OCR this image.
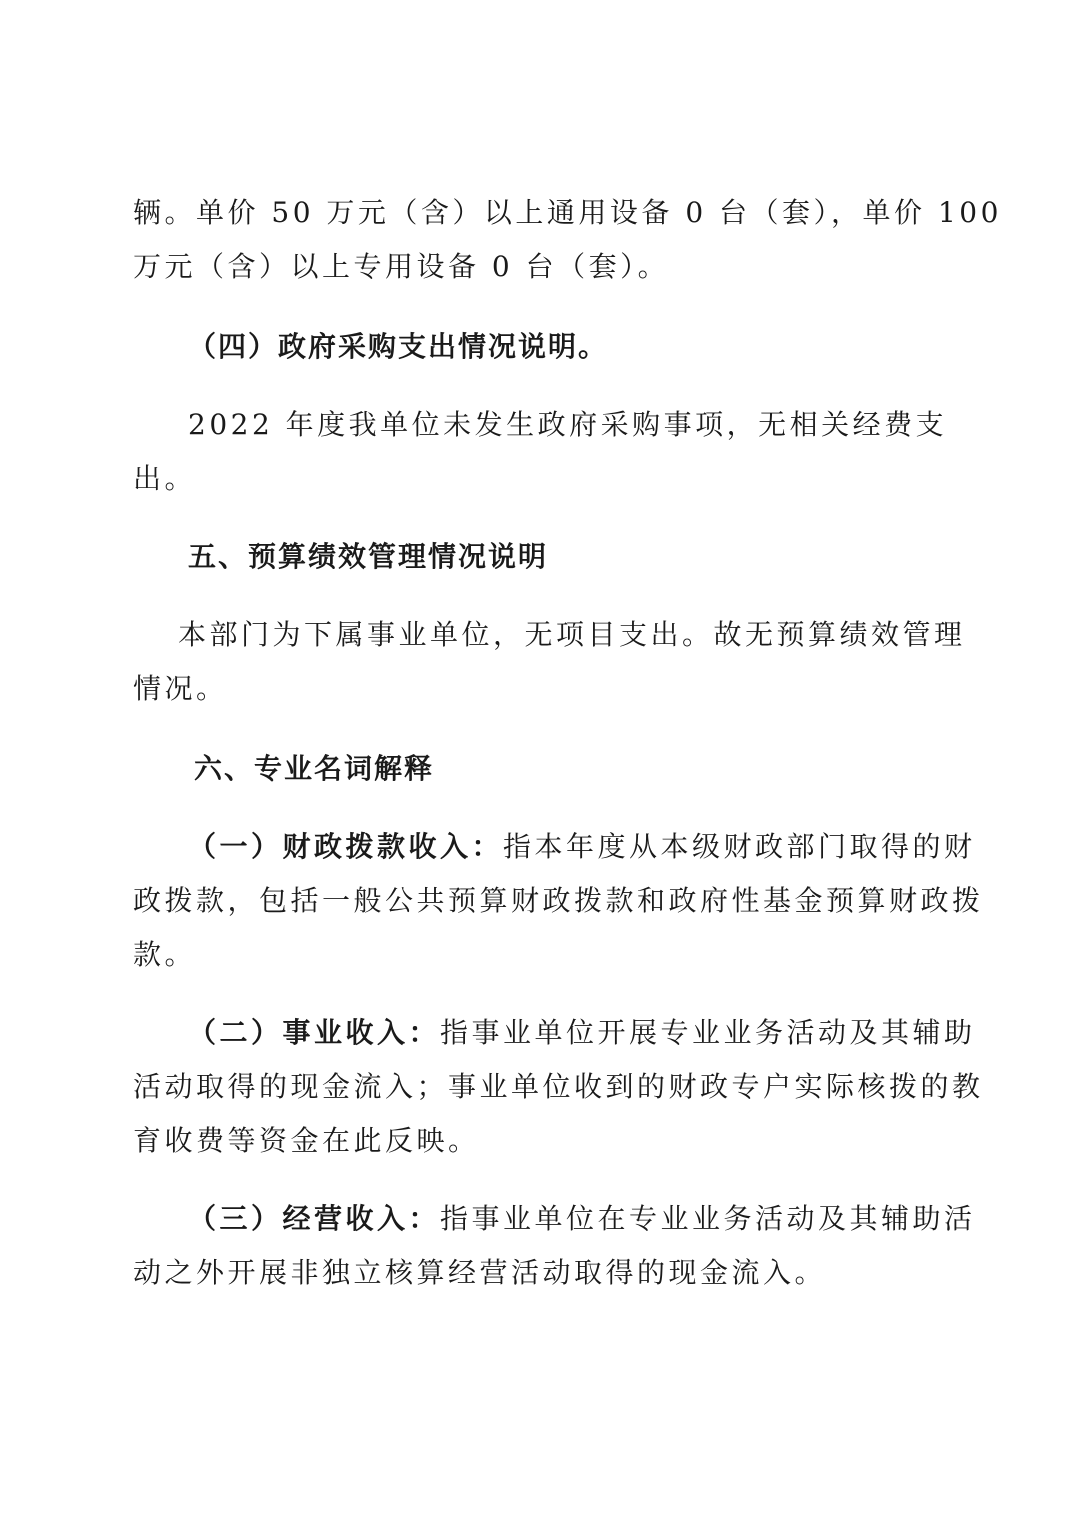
辆。单价 50 万元（含）以上通用设备 0 台（套），单价 100
万元（含）以上专用设备 0 台（套）。
（四）政府采购支出情况说明。
2022 年度我单位未发生政府采购事项，无相关经费支
出。
五、预算绩效管理情况说明
本部门为下属事业单位，无项目支出。故无预算绩效管理
情况。
六、专业名词解释
（一）财政拨款收入：指本年度从本级财政部门取得的财
政拨款，包括一般公共预算财政拨款和政府性基金预算财政拨
款。
（二）事业收入：指事业单位开展专业业务活动及其辅助
活动取得的现金流入；事业单位收到的财政专户实际核拨的教
育收费等资金在此反映。
（三）经营收入：指事业单位在专业业务活动及其辅助活
动之外开展非独立核算经营活动取得的现金流入。
